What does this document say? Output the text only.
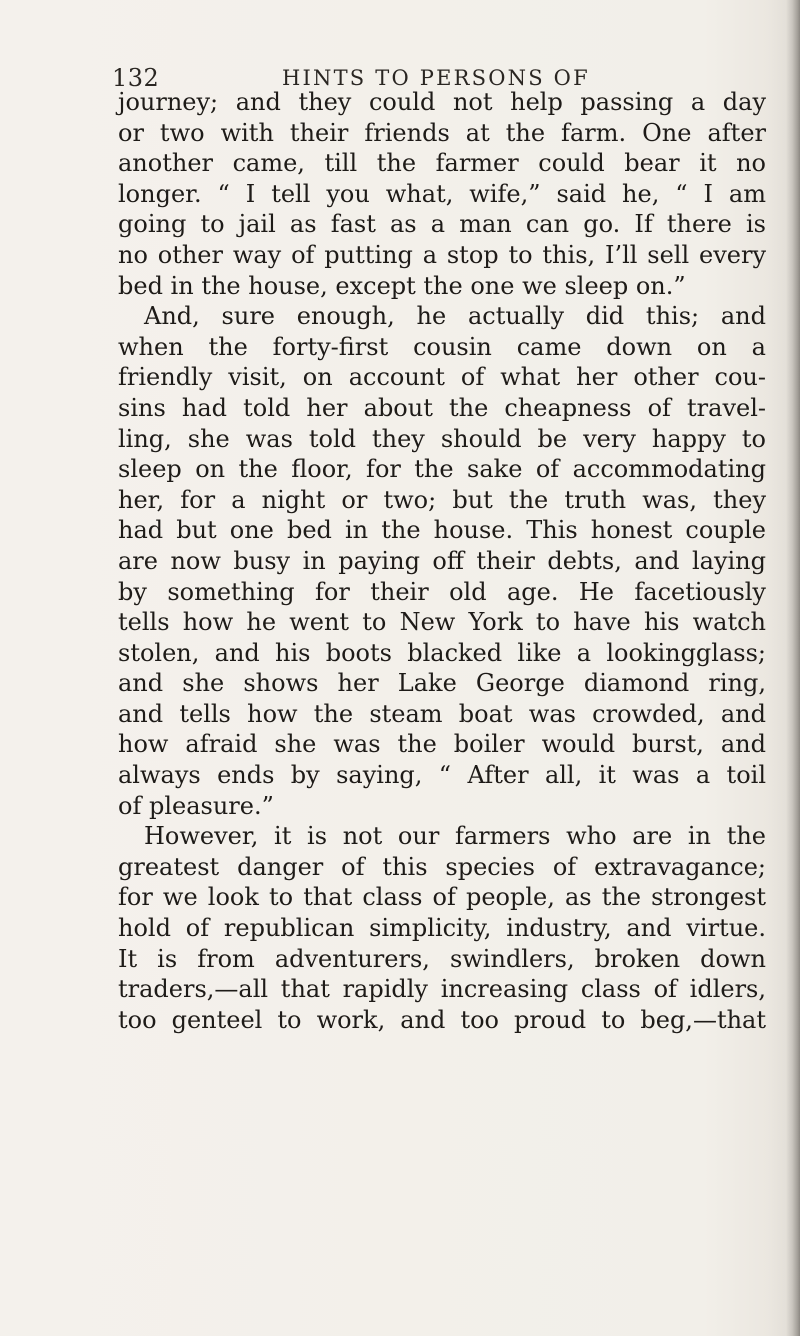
132	HINTS TO PERSONS OF
journey; and they could not help passing a day
or two with their friends at the farm. One after
another came, till the farmer could bear it no
longer. “ I tell you what, wife,” said he, “ I am
going to jail as fast as a man can go. If there is
no other way of putting a stop to this, I’ll sell every
bed in the house, except the one we sleep on.”
And, sure enough, he actually did this; and
when the forty-first cousin came down on a
friendly visit, on account of what her other cou-
sins had told her about the cheapness of travel-
ling, she was told they should be very happy to
sleep on the floor, for the sake of accommodating
her, for a night or two; but the truth was, they
had but one bed in the house. This honest couple
are now busy in paying off their debts, and laying
by something for their old age. He facetiously
tells how he went to New York to have his watch
stolen, and his boots blacked like a lookingglass;
and she shows her Lake George diamond ring,
and tells how the steam boat was crowded, and
how afraid she was the boiler would burst, and
always ends by saying, “ After all, it was a toil
of pleasure.”
However, it is not our farmers who are in the
greatest danger of this species of extravagance;
for we look to that class of people, as the strongest
hold of republican simplicity, industry, and virtue.
It is from adventurers, swindlers, broken down
traders,—all that rapidly increasing class of idlers,
too genteel to work, and too proud to beg,—that
